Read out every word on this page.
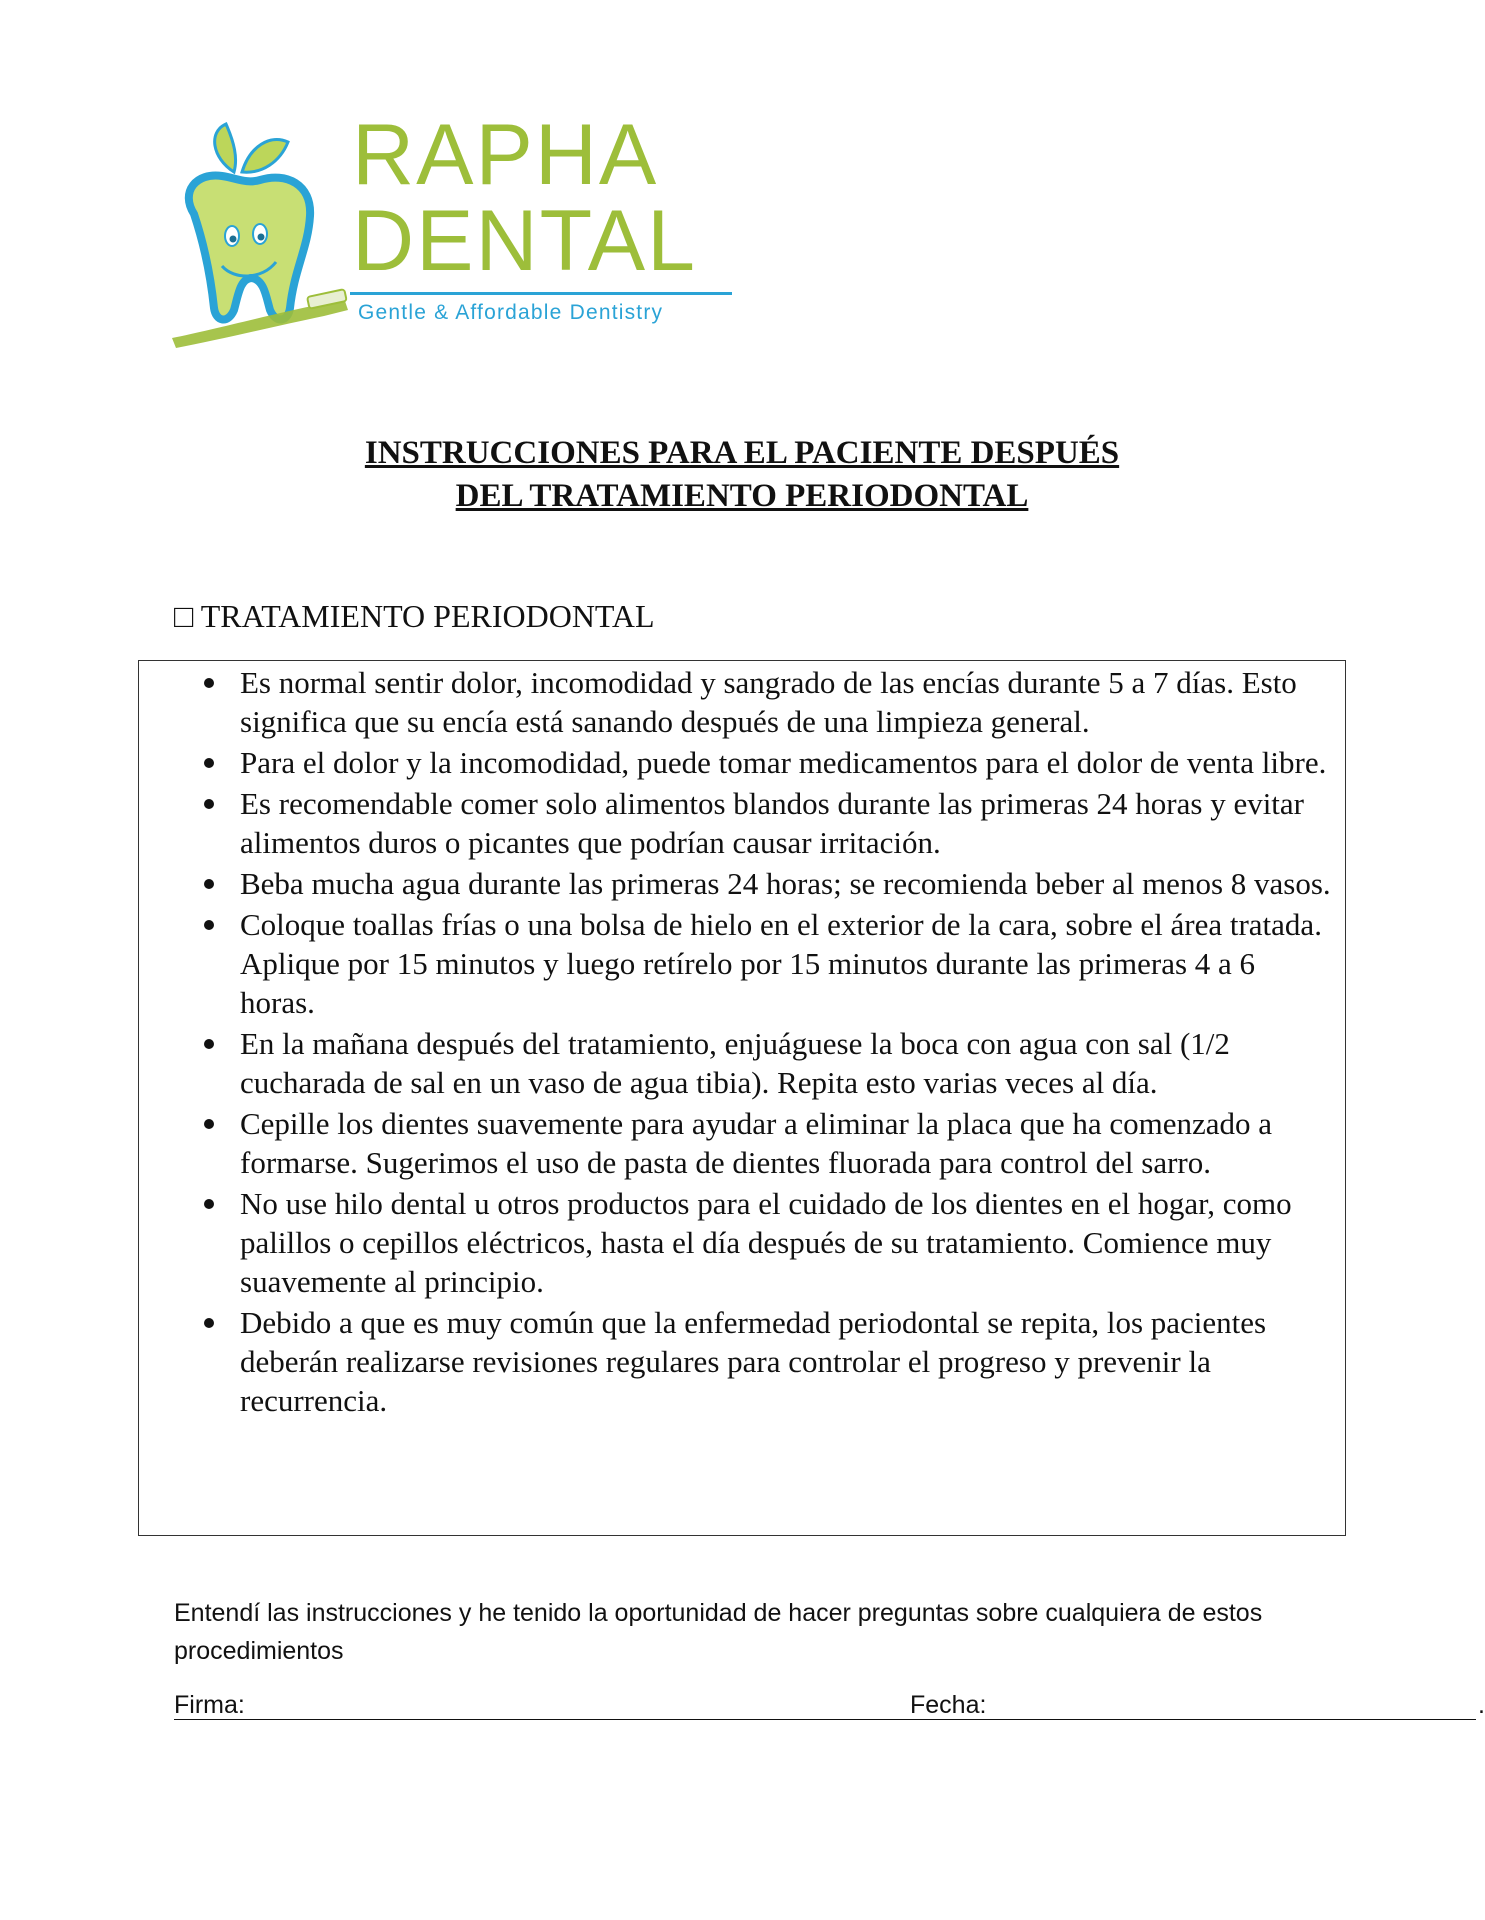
RAPHA
DENTAL
Gentle & Affordable Dentistry
INSTRUCCIONES PARA EL PACIENTE DESPUÉS
DEL TRATAMIENTO PERIODONTAL
□ TRATAMIENTO PERIODONTAL
Es normal sentir dolor, incomodidad y sangrado de las encías durante 5 a 7 días. Esto significa que su encía está sanando después de una limpieza general.
Para el dolor y la incomodidad, puede tomar medicamentos para el dolor de venta libre.
Es recomendable comer solo alimentos blandos durante las primeras 24 horas y evitar alimentos duros o picantes que podrían causar irritación.
Beba mucha agua durante las primeras 24 horas; se recomienda beber al menos 8 vasos.
Coloque toallas frías o una bolsa de hielo en el exterior de la cara, sobre el área tratada. Aplique por 15 minutos y luego retírelo por 15 minutos durante las primeras 4 a 6 horas.
En la mañana después del tratamiento, enjuáguese la boca con agua con sal (1/2 cucharada de sal en un vaso de agua tibia). Repita esto varias veces al día.
Cepille los dientes suavemente para ayudar a eliminar la placa que ha comenzado a formarse. Sugerimos el uso de pasta de dientes fluorada para control del sarro.
No use hilo dental u otros productos para el cuidado de los dientes en el hogar, como palillos o cepillos eléctricos, hasta el día después de su tratamiento. Comience muy suavemente al principio.
Debido a que es muy común que la enfermedad periodontal se repita, los pacientes deberán realizarse revisiones regulares para controlar el progreso y prevenir la recurrencia.
Entendí las instrucciones y he tenido la oportunidad de hacer preguntas sobre cualquiera de estos procedimientos
Firma:	Fecha:	.
